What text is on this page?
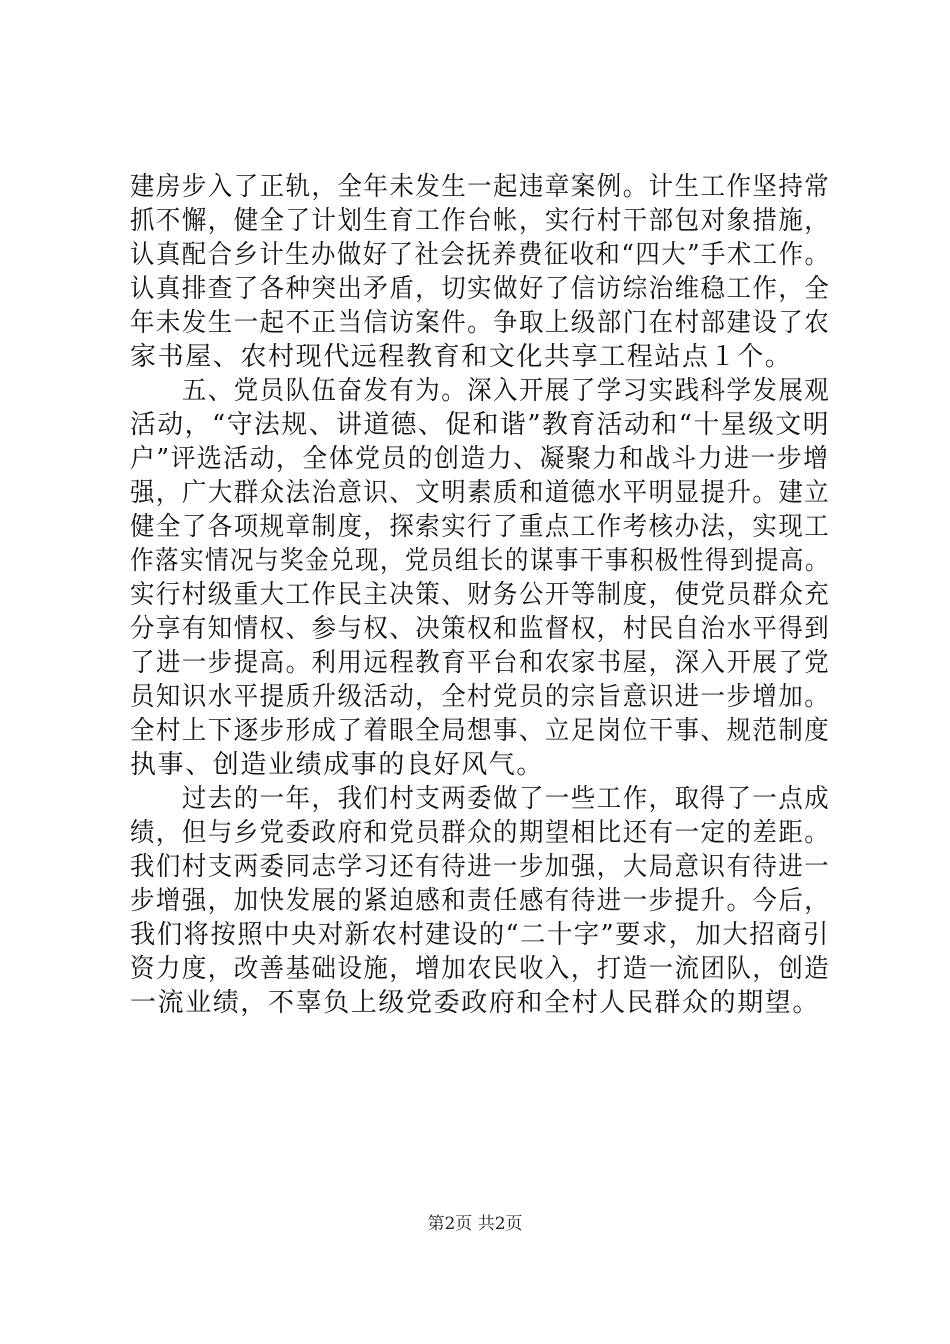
建房步入了正轨，全年未发生一起违章案例。计生工作坚持常
抓不懈，健全了计划生育工作台帐，实行村干部包对象措施，
认真配合乡计生办做好了社会抚养费征收和“四大”手术工作。
认真排查了各种突出矛盾，切实做好了信访综治维稳工作，全
年未发生一起不正当信访案件。争取上级部门在村部建设了农
家书屋、农村现代远程教育和文化共享工程站点１个。
　　五、党员队伍奋发有为。深入开展了学习实践科学发展观
活动，“守法规、讲道德、促和谐”教育活动和“十星级文明
户”评选活动，全体党员的创造力、凝聚力和战斗力进一步增
强，广大群众法治意识、文明素质和道德水平明显提升。建立
健全了各项规章制度，探索实行了重点工作考核办法，实现工
作落实情况与奖金兑现，党员组长的谋事干事积极性得到提高。
实行村级重大工作民主决策、财务公开等制度，使党员群众充
分享有知情权、参与权、决策权和监督权，村民自治水平得到
了进一步提高。利用远程教育平台和农家书屋，深入开展了党
员知识水平提质升级活动，全村党员的宗旨意识进一步增加。
全村上下逐步形成了着眼全局想事、立足岗位干事、规范制度
执事、创造业绩成事的良好风气。
　　过去的一年，我们村支两委做了一些工作，取得了一点成
绩，但与乡党委政府和党员群众的期望相比还有一定的差距。
我们村支两委同志学习还有待进一步加强，大局意识有待进一
步增强，加快发展的紧迫感和责任感有待进一步提升。今后，
我们将按照中央对新农村建设的“二十字”要求，加大招商引
资力度，改善基础设施，增加农民收入，打造一流团队，创造
一流业绩，不辜负上级党委政府和全村人民群众的期望。
第2页 共2页
